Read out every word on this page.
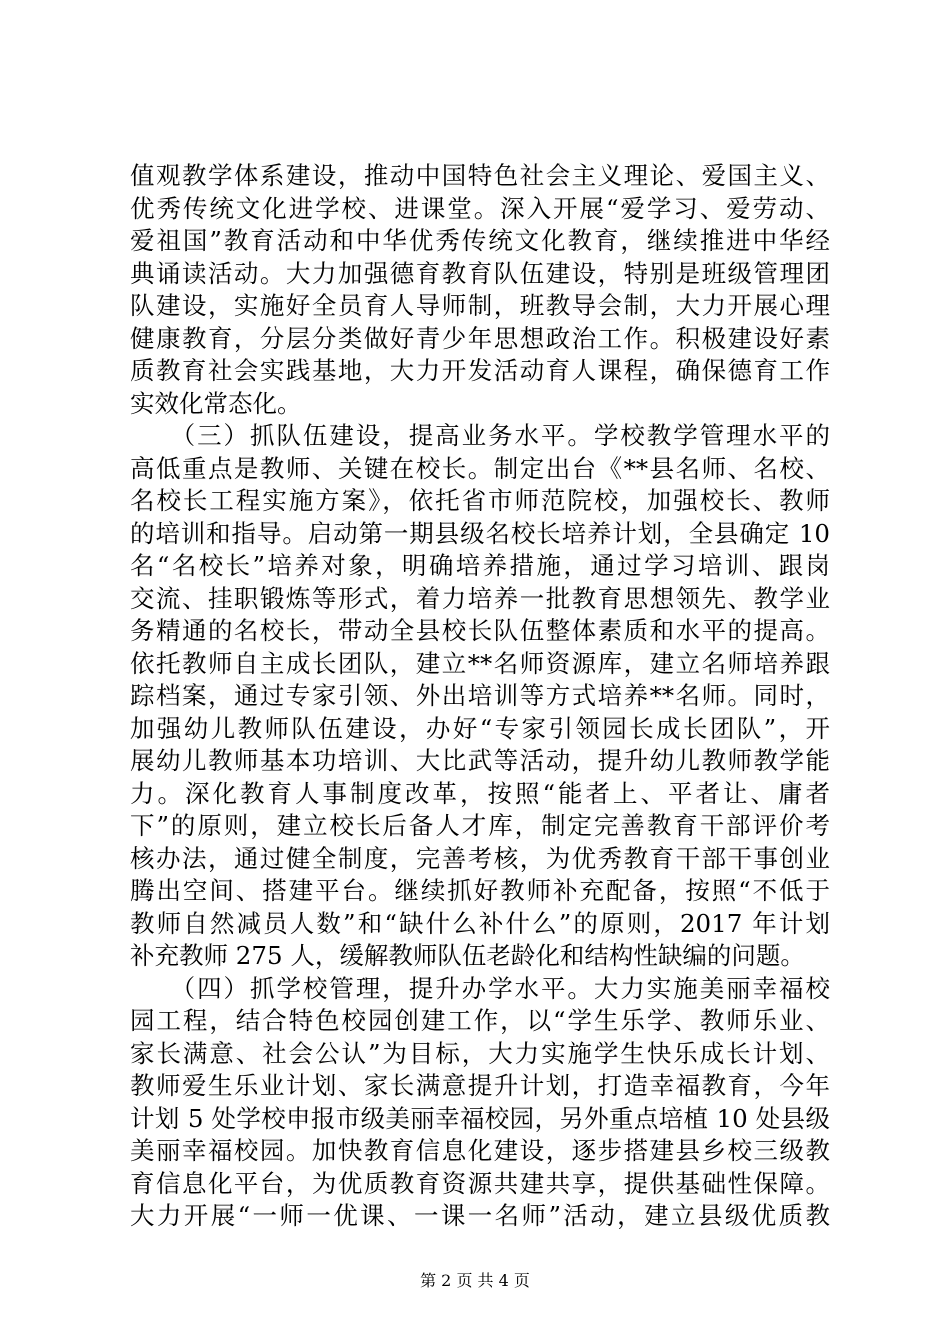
值观教学体系建设，推动中国特色社会主义理论、爱国主义、
优秀传统文化进学校、进课堂。深入开展“爱学习、爱劳动、
爱祖国”教育活动和中华优秀传统文化教育，继续推进中华经
典诵读活动。大力加强德育教育队伍建设，特别是班级管理团
队建设，实施好全员育人导师制，班教导会制，大力开展心理
健康教育，分层分类做好青少年思想政治工作。积极建设好素
质教育社会实践基地，大力开发活动育人课程，确保德育工作
实效化常态化。
　　（三）抓队伍建设，提高业务水平。学校教学管理水平的
高低重点是教师、关键在校长。制定出台《**县名师、名校、
名校长工程实施方案》，依托省市师范院校，加强校长、教师
的培训和指导。启动第一期县级名校长培养计划，全县确定 10
名“名校长”培养对象，明确培养措施，通过学习培训、跟岗
交流、挂职锻炼等形式，着力培养一批教育思想领先、教学业
务精通的名校长，带动全县校长队伍整体素质和水平的提高。
依托教师自主成长团队，建立**名师资源库，建立名师培养跟
踪档案，通过专家引领、外出培训等方式培养**名师。同时，
加强幼儿教师队伍建设，办好“专家引领园长成长团队”，开
展幼儿教师基本功培训、大比武等活动，提升幼儿教师教学能
力。深化教育人事制度改革，按照“能者上、平者让、庸者
下”的原则，建立校长后备人才库，制定完善教育干部评价考
核办法，通过健全制度，完善考核，为优秀教育干部干事创业
腾出空间、搭建平台。继续抓好教师补充配备，按照“不低于
教师自然减员人数”和“缺什么补什么”的原则，2017 年计划
补充教师 275 人，缓解教师队伍老龄化和结构性缺编的问题。
　　（四）抓学校管理，提升办学水平。大力实施美丽幸福校
园工程，结合特色校园创建工作，以“学生乐学、教师乐业、
家长满意、社会公认”为目标，大力实施学生快乐成长计划、
教师爱生乐业计划、家长满意提升计划，打造幸福教育，今年
计划 5 处学校申报市级美丽幸福校园，另外重点培植 10 处县级
美丽幸福校园。加快教育信息化建设，逐步搭建县乡校三级教
育信息化平台，为优质教育资源共建共享，提供基础性保障。
大力开展“一师一优课、一课一名师”活动，建立县级优质教
第 2 页 共 4 页
